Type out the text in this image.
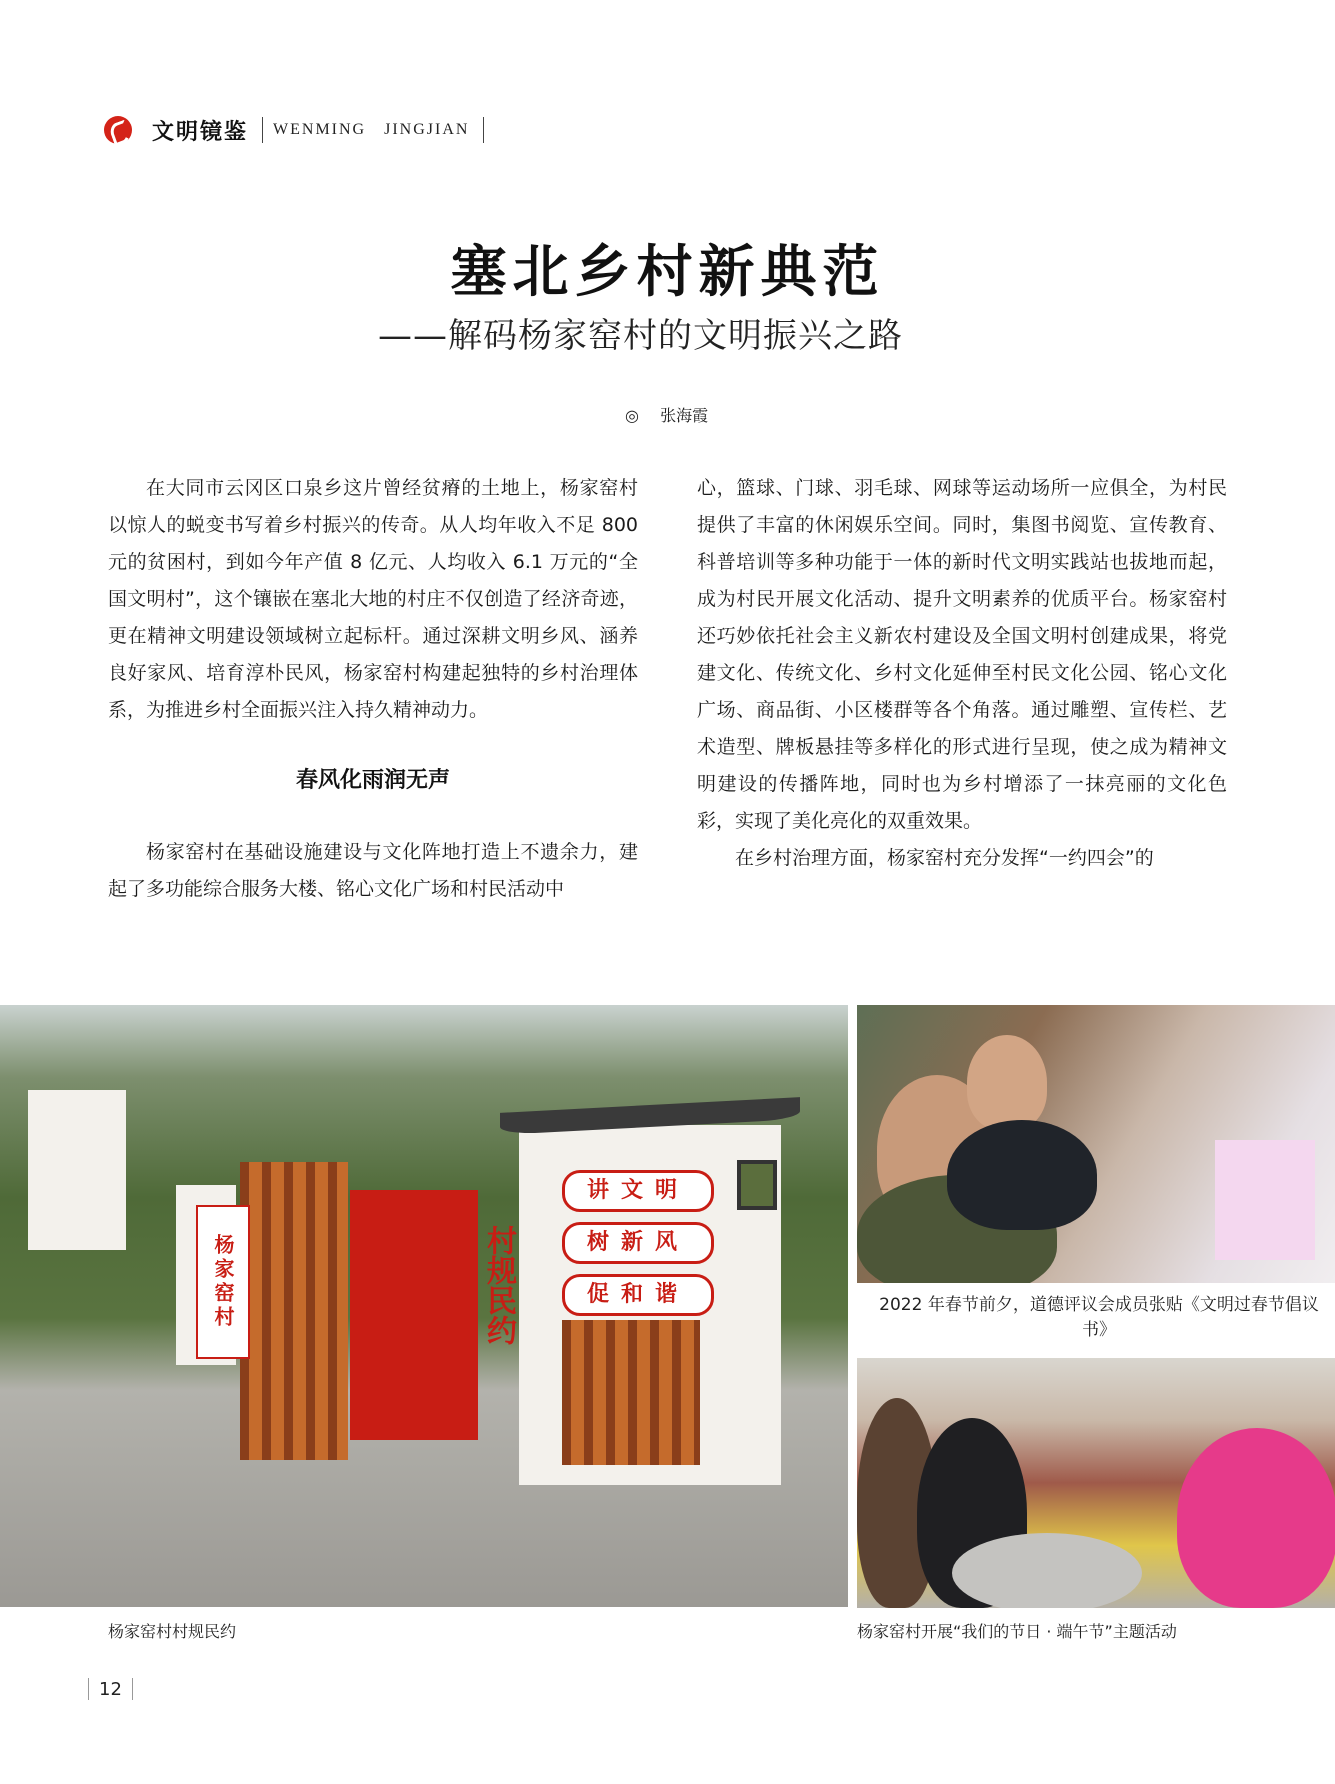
文明镜鉴 WENMING   JINGJIAN
塞北乡村新典范
——解码杨家窑村的文明振兴之路
◎ 张海霞

在大同市云冈区口泉乡这片曾经贫瘠的土地上，杨家窑村以惊人的蜕变书写着乡村振兴的传奇。从人均年收入不足 800 元的贫困村，到如今年产值 8 亿元、人均收入 6.1 万元的“全国文明村”，这个镶嵌在塞北大地的村庄不仅创造了经济奇迹，更在精神文明建设领域树立起标杆。通过深耕文明乡风、涵养良好家风、培育淳朴民风，杨家窑村构建起独特的乡村治理体系，为推进乡村全面振兴注入持久精神动力。

春风化雨润无声

杨家窑村在基础设施建设与文化阵地打造上不遗余力，建起了多功能综合服务大楼、铭心文化广场和村民活动中

心，篮球、门球、羽毛球、网球等运动场所一应俱全，为村民提供了丰富的休闲娱乐空间。同时，集图书阅览、宣传教育、科普培训等多种功能于一体的新时代文明实践站也拔地而起，成为村民开展文化活动、提升文明素养的优质平台。杨家窑村还巧妙依托社会主义新农村建设及全国文明村创建成果，将党建文化、传统文化、乡村文化延伸至村民文化公园、铭心文化广场、商品街、小区楼群等各个角落。通过雕塑、宣传栏、艺术造型、牌板悬挂等多样化的形式进行呈现，使之成为精神文明建设的传播阵地，同时也为乡村增添了一抹亮丽的文化色彩，实现了美化亮化的双重效果。

在乡村治理方面，杨家窑村充分发挥“一约四会”的

杨家窑村	村规民约
讲文明
树新风
促和谐	2022 年春节前夕，道德评议会成员张贴《文明过春节倡议书》
杨家窑村村规民约	杨家窑村开展“我们的节日 · 端午节”主题活动
12
